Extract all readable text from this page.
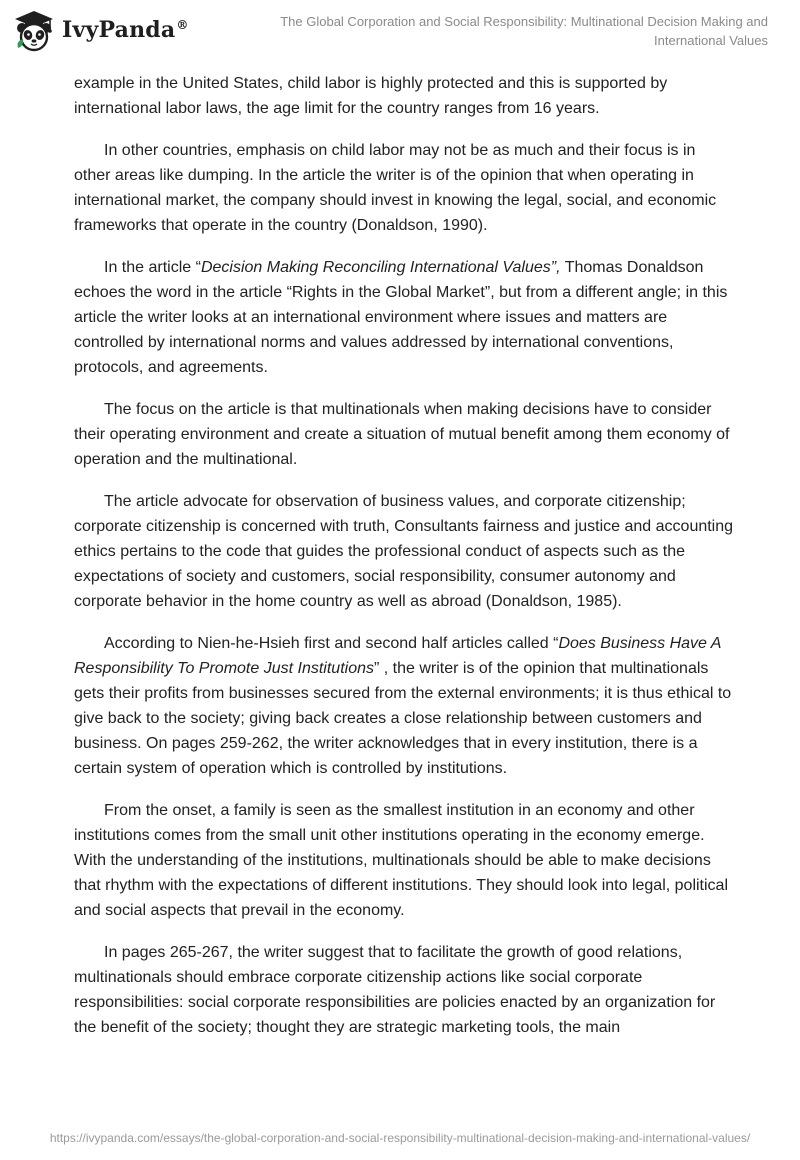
IvyPanda®	The Global Corporation and Social Responsibility: Multinational Decision Making and International Values

example in the United States, child labor is highly protected and this is supported by international labor laws, the age limit for the country ranges from 16 years.

In other countries, emphasis on child labor may not be as much and their focus is in other areas like dumping. In the article the writer is of the opinion that when operating in international market, the company should invest in knowing the legal, social, and economic frameworks that operate in the country (Donaldson, 1990).

In the article “Decision Making Reconciling International Values”, Thomas Donaldson echoes the word in the article “Rights in the Global Market”, but from a different angle; in this article the writer looks at an international environment where issues and matters are controlled by international norms and values addressed by international conventions, protocols, and agreements.

The focus on the article is that multinationals when making decisions have to consider their operating environment and create a situation of mutual benefit among them economy of operation and the multinational.

The article advocate for observation of business values, and corporate citizenship; corporate citizenship is concerned with truth, Consultants fairness and justice and accounting ethics pertains to the code that guides the professional conduct of aspects such as the expectations of society and customers, social responsibility, consumer autonomy and corporate behavior in the home country as well as abroad (Donaldson, 1985).

According to Nien-he-Hsieh first and second half articles called “Does Business Have A Responsibility To Promote Just Institutions” , the writer is of the opinion that multinationals gets their profits from businesses secured from the external environments; it is thus ethical to give back to the society; giving back creates a close relationship between customers and business. On pages 259-262, the writer acknowledges that in every institution, there is a certain system of operation which is controlled by institutions.

From the onset, a family is seen as the smallest institution in an economy and other institutions comes from the small unit other institutions operating in the economy emerge. With the understanding of the institutions, multinationals should be able to make decisions that rhythm with the expectations of different institutions. They should look into legal, political and social aspects that prevail in the economy.

In pages 265-267, the writer suggest that to facilitate the growth of good relations, multinationals should embrace corporate citizenship actions like social corporate responsibilities: social corporate responsibilities are policies enacted by an organization for the benefit of the society; thought they are strategic marketing tools, the main

https://ivypanda.com/essays/the-global-corporation-and-social-responsibility-multinational-decision-making-and-international-values/
